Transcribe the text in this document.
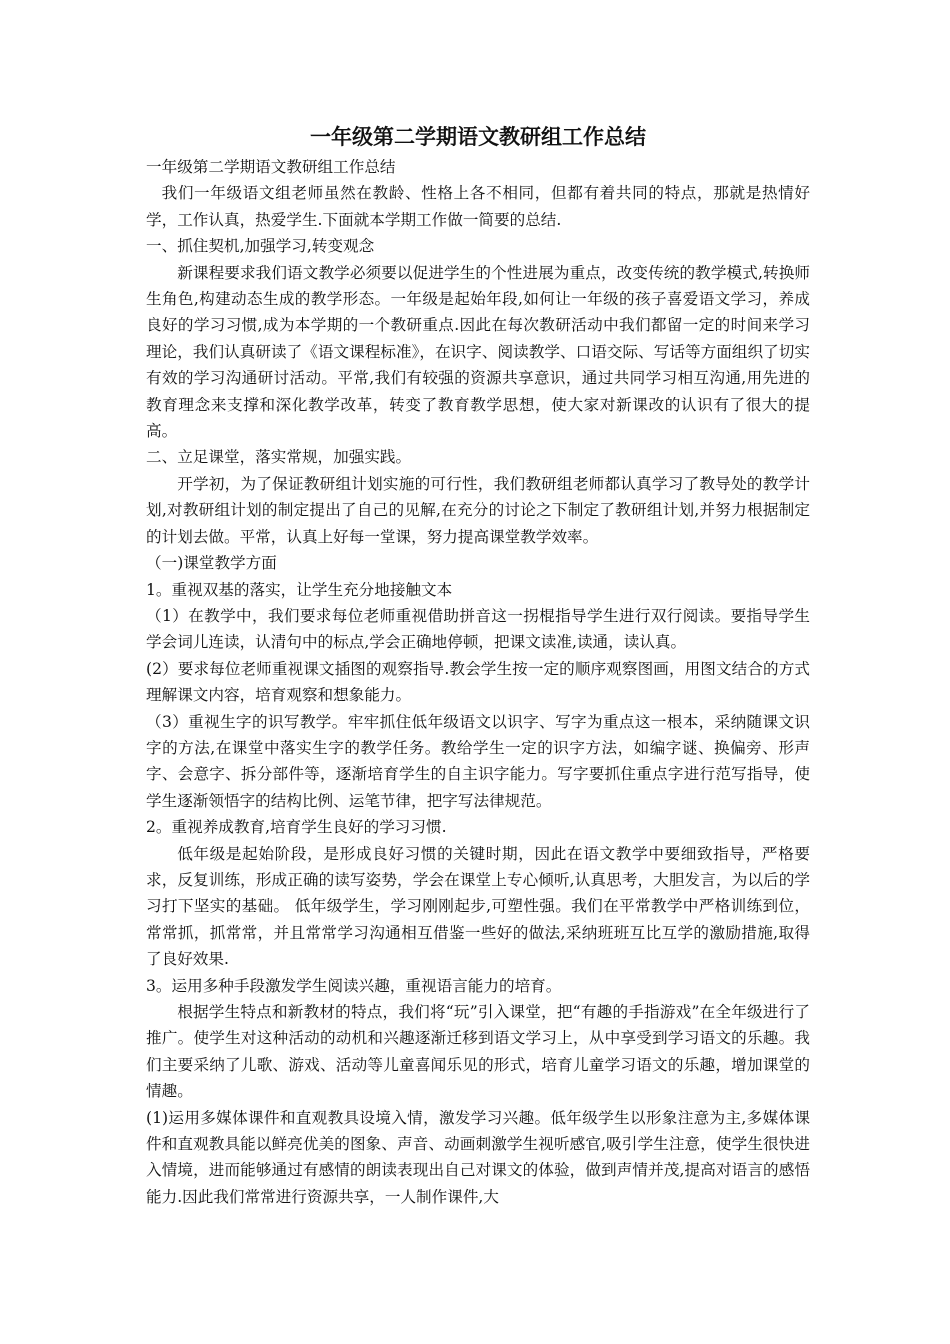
一年级第二学期语文教研组工作总结

一年级第二学期语文教研组工作总结

我们一年级语文组老师虽然在教龄、性格上各不相同，但都有着共同的特点，那就是热情好学，工作认真，热爱学生.下面就本学期工作做一简要的总结.

一、抓住契机,加强学习,转变观念

新课程要求我们语文教学必须要以促进学生的个性进展为重点，改变传统的教学模式,转换师生角色,构建动态生成的教学形态。一年级是起始年段,如何让一年级的孩子喜爱语文学习，养成良好的学习习惯,成为本学期的一个教研重点.因此在每次教研活动中我们都留一定的时间来学习理论，我们认真研读了《语文课程标准》，在识字、阅读教学、口语交际、写话等方面组织了切实有效的学习沟通研讨活动。平常,我们有较强的资源共享意识，通过共同学习相互沟通,用先进的教育理念来支撑和深化教学改革，转变了教育教学思想，使大家对新课改的认识有了很大的提高。

二、立足课堂，落实常规，加强实践。

开学初，为了保证教研组计划实施的可行性，我们教研组老师都认真学习了教导处的教学计划,对教研组计划的制定提出了自己的见解,在充分的讨论之下制定了教研组计划,并努力根据制定的计划去做。平常，认真上好每一堂课，努力提高课堂教学效率。

（一)课堂教学方面

1。重视双基的落实，让学生充分地接触文本

（1）在教学中，我们要求每位老师重视借助拼音这一拐棍指导学生进行双行阅读。要指导学生学会词儿连读，认清句中的标点,学会正确地停顿，把课文读准,读通，读认真。

(2）要求每位老师重视课文插图的观察指导.教会学生按一定的顺序观察图画，用图文结合的方式理解课文内容，培育观察和想象能力。

（3）重视生字的识写教学。牢牢抓住低年级语文以识字、写字为重点这一根本，采纳随课文识字的方法,在课堂中落实生字的教学任务。教给学生一定的识字方法，如编字谜、换偏旁、形声字、会意字、拆分部件等，逐渐培育学生的自主识字能力。写字要抓住重点字进行范写指导，使学生逐渐领悟字的结构比例、运笔节律，把字写法律规范。

2。重视养成教育,培育学生良好的学习习惯.

低年级是起始阶段，是形成良好习惯的关键时期，因此在语文教学中要细致指导，严格要求，反复训练，形成正确的读写姿势，学会在课堂上专心倾听,认真思考，大胆发言，为以后的学习打下坚实的基础。 低年级学生，学习刚刚起步,可塑性强。我们在平常教学中严格训练到位，常常抓，抓常常，并且常常学习沟通相互借鉴一些好的做法,采纳班班互比互学的激励措施,取得了良好效果.

3。运用多种手段激发学生阅读兴趣，重视语言能力的培育。

根据学生特点和新教材的特点，我们将“玩”引入课堂，把“有趣的手指游戏”在全年级进行了推广。使学生对这种活动的动机和兴趣逐渐迁移到语文学习上，从中享受到学习语文的乐趣。我们主要采纳了儿歌、游戏、活动等儿童喜闻乐见的形式，培育儿童学习语文的乐趣，增加课堂的情趣。

(1)运用多媒体课件和直观教具设境入情，激发学习兴趣。低年级学生以形象注意为主,多媒体课件和直观教具能以鲜亮优美的图象、声音、动画刺激学生视听感官,吸引学生注意，使学生很快进入情境，进而能够通过有感情的朗读表现出自己对课文的体验，做到声情并茂,提高对语言的感悟能力.因此我们常常进行资源共享，一人制作课件,大
